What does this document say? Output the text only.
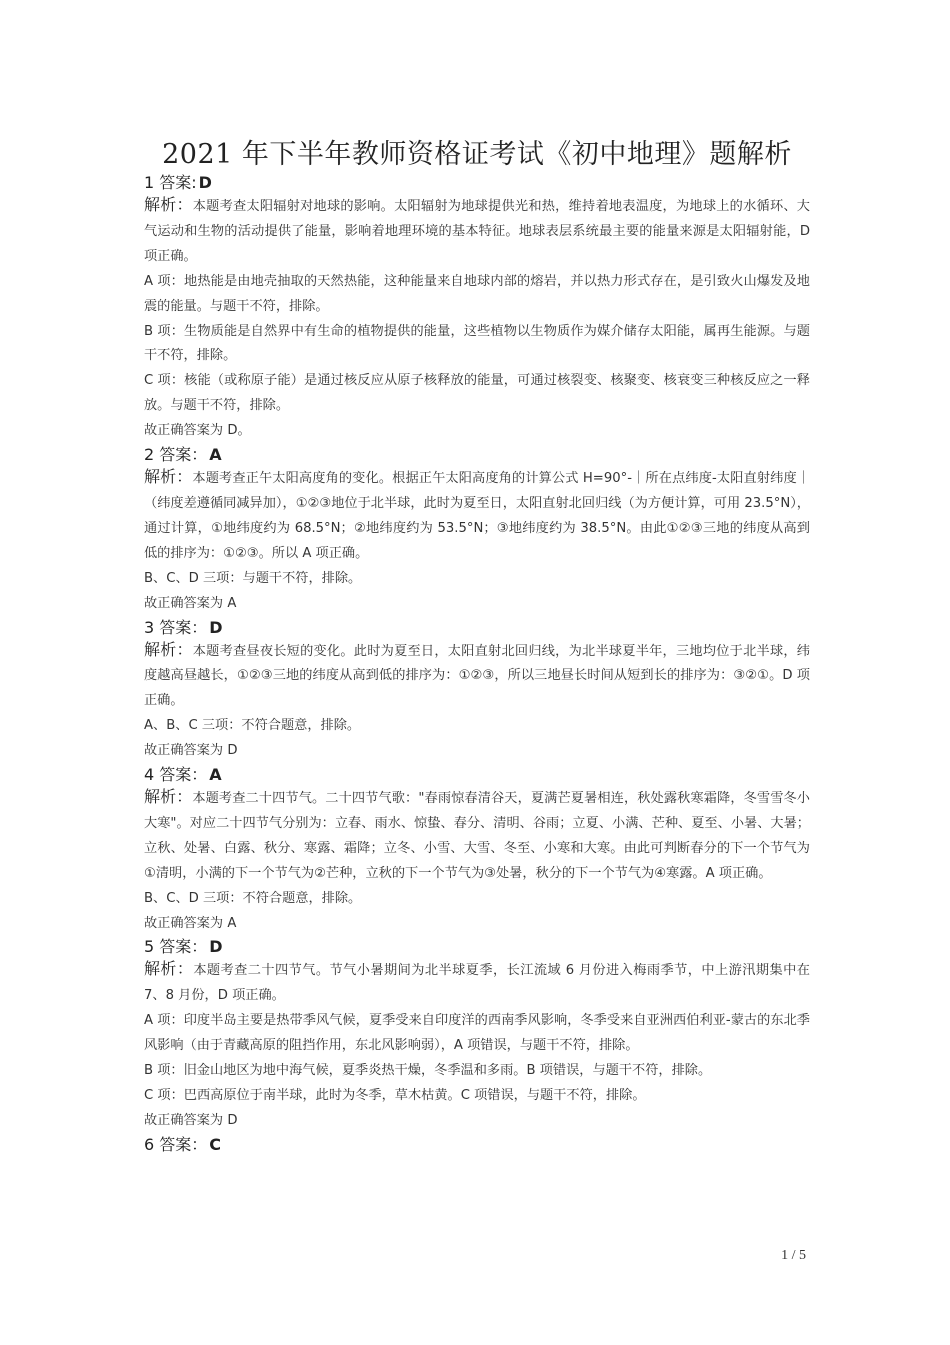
2021 年下半年教师资格证考试《初中地理》题解析
1 答案: D

解析：本题考查太阳辐射对地球的影响。太阳辐射为地球提供光和热，维持着地表温度，为地球上的水循环、大气运动和生物的活动提供了能量，影响着地理环境的基本特征。地球表层系统最主要的能量来源是太阳辐射能，D 项正确。

A 项：地热能是由地壳抽取的天然热能，这种能量来自地球内部的熔岩，并以热力形式存在，是引致火山爆发及地震的能量。与题干不符，排除。

B 项：生物质能是自然界中有生命的植物提供的能量，这些植物以生物质作为媒介储存太阳能，属再生能源。与题干不符，排除。

C 项：核能（或称原子能）是通过核反应从原子核释放的能量，可通过核裂变、核聚变、核衰变三种核反应之一释放。与题干不符，排除。

故正确答案为 D。

2 答案： A

解析：本题考查正午太阳高度角的变化。根据正午太阳高度角的计算公式 H=90°-｜所在点纬度-太阳直射纬度｜（纬度差遵循同减异加），①②③地位于北半球，此时为夏至日，太阳直射北回归线（为方便计算，可用 23.5°N），通过计算，①地纬度约为 68.5°N；②地纬度约为 53.5°N；③地纬度约为 38.5°N。由此①②③三地的纬度从高到低的排序为：①②③。所以 A 项正确。

B、C、D 三项：与题干不符，排除。

故正确答案为 A

3 答案： D

解析：本题考查昼夜长短的变化。此时为夏至日，太阳直射北回归线，为北半球夏半年，三地均位于北半球，纬度越高昼越长，①②③三地的纬度从高到低的排序为：①②③，所以三地昼长时间从短到长的排序为：③②①。D 项正确。

A、B、C 三项：不符合题意，排除。

故正确答案为 D

4 答案： A

解析：本题考查二十四节气。二十四节气歌："春雨惊春清谷天，夏满芒夏暑相连，秋处露秋寒霜降，冬雪雪冬小大寒"。对应二十四节气分别为：立春、雨水、惊蛰、春分、清明、谷雨；立夏、小满、芒种、夏至、小暑、大暑；立秋、处暑、白露、秋分、寒露、霜降；立冬、小雪、大雪、冬至、小寒和大寒。由此可判断春分的下一个节气为①清明，小满的下一个节气为②芒种，立秋的下一个节气为③处暑，秋分的下一个节气为④寒露。A 项正确。

B、C、D 三项：不符合题意，排除。

故正确答案为 A

5 答案： D

解析：本题考查二十四节气。节气小暑期间为北半球夏季，长江流域 6 月份进入梅雨季节，中上游汛期集中在 7、8 月份，D 项正确。

A 项：印度半岛主要是热带季风气候，夏季受来自印度洋的西南季风影响，冬季受来自亚洲西伯利亚-蒙古的东北季风影响（由于青藏高原的阻挡作用，东北风影响弱），A 项错误，与题干不符，排除。

B 项：旧金山地区为地中海气候，夏季炎热干燥，冬季温和多雨。B 项错误，与题干不符，排除。

C 项：巴西高原位于南半球，此时为冬季，草木枯黄。C 项错误，与题干不符，排除。

故正确答案为 D

6 答案： C
1 / 5
